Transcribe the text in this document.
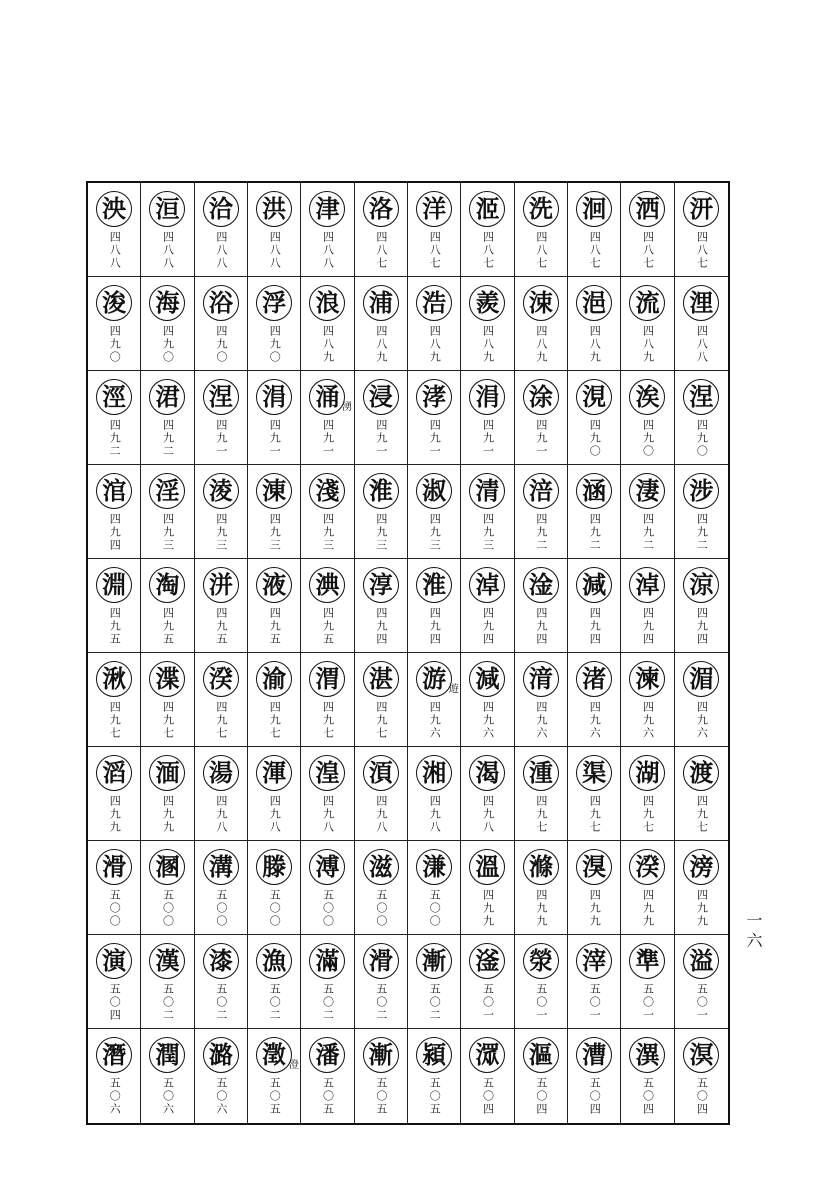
泱
四八八
洹
四八八
洽
四八八
洪
四八八
津
四八八
洛
四八七
洋
四八七
洍
四八七
洗
四八七
洄
四八七
洒
四八七
汧
四八七
浚
四九〇
海
四九〇
浴
四九〇
浮
四九〇
浪
四八九
浦
四八九
浩
四八九
羨
四八九
涑
四八九
浥
四八九
流
四八九
浬
四八八
涇
四九二
涒
四九二
涅
四九一
涓
四九一
涌
四九一
湧 浸
四九一
涍
四九一
涓
四九一
涂
四九一
涀
四九〇
涘
四九〇
涅
四九〇
涫
四九四
淫
四九三
淩
四九三
涷
四九三
淺
四九三
淮
四九三
淑
四九三
清
四九三
涪
四九二
涵
四九二
淒
四九二
涉
四九二
淵
四九五
淘
四九五
洴
四九五
液
四九五
淟
四九五
淳
四九四
淮
四九四
淖
四九四
淦
四九四
減
四九四
淖
四九四
涼
四九四
湫
四九七
渫
四九七
湀
四九七
渝
四九七
渭
四九七
湛
四九七
游
四九六
遊 減
四九六
湇
四九六
渚
四九六
湅
四九六
湄
四九六
滔
四九九
湎
四九九
湯
四九八
渾
四九八
湟
四九八
湏
四九八
湘
四九八
渴
四九八
湩
四九七
渠
四九七
湖
四九七
渡
四九七
滑
五〇〇
溷
五〇〇
溝
五〇〇
滕
五〇〇
溥
五〇〇
滋
五〇〇
溓
五〇〇
溫
四九九
滌
四九九
湨
四九九
湀
四九九
滂
四九九
演
五〇四
漢
五〇二
漆
五〇二
漁
五〇二
滿
五〇二
滑
五〇二
漸
五〇二
滏
五〇一
滎
五〇一
滓
五〇一
準
五〇一
溢
五〇一
潛
五〇六
潤
五〇六
潞
五〇六
澂
五〇五
澄 潘
五〇五
漸
五〇五
潁
五〇五
潀
五〇四
漚
五〇四
漕
五〇四
潩
五〇四
溟
五〇四
一六
